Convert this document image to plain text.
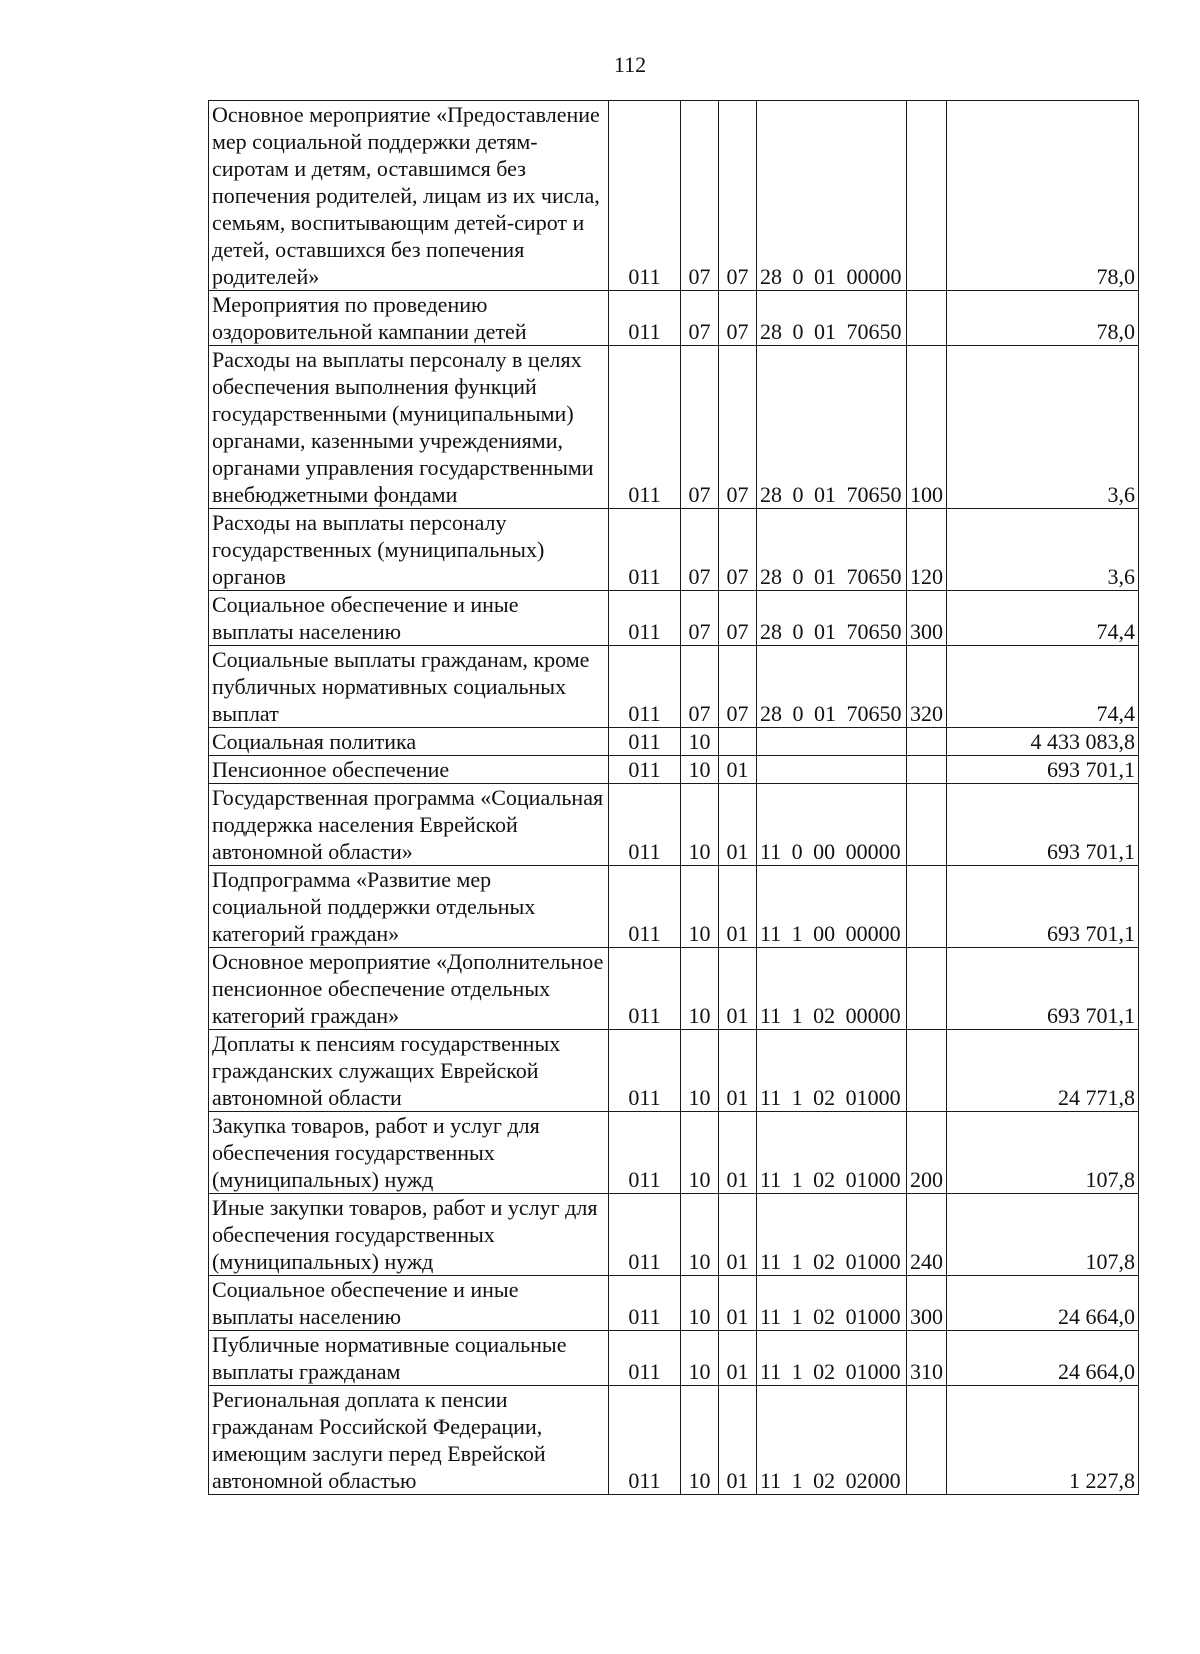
112
Основное мероприятие «Предоставление мер социальной поддержки детям-сиротам и детям, оставшимся без попечения родителей, лицам из их числа, семьям, воспитывающим детей-сирот и детей, оставшихся без попечения родителей»	011	07	07	28 0 01 00000		78,0
Мероприятия по проведению оздоровительной кампании детей	011	07	07	28 0 01 70650		78,0
Расходы на выплаты персоналу в целях обеспечения выполнения функций государственными (муниципальными) органами, казенными учреждениями, органами управления государственными внебюджетными фондами	011	07	07	28 0 01 70650	100	3,6
Расходы на выплаты персоналу государственных (муниципальных) органов	011	07	07	28 0 01 70650	120	3,6
Социальное обеспечение и иные выплаты населению	011	07	07	28 0 01 70650	300	74,4
Социальные выплаты гражданам, кроме публичных нормативных социальных выплат	011	07	07	28 0 01 70650	320	74,4
Социальная политика	011	10				4 433 083,8
Пенсионное обеспечение	011	10	01			693 701,1
Государственная программа «Социальная поддержка населения Еврейской автономной области»	011	10	01	11 0 00 00000		693 701,1
Подпрограмма «Развитие мер социальной поддержки отдельных категорий граждан»	011	10	01	11 1 00 00000		693 701,1
Основное мероприятие «Дополнительное пенсионное обеспечение отдельных категорий граждан»	011	10	01	11 1 02 00000		693 701,1
Доплаты к пенсиям государственных гражданских служащих Еврейской автономной области	011	10	01	11 1 02 01000		24 771,8
Закупка товаров, работ и услуг для обеспечения государственных (муниципальных) нужд	011	10	01	11 1 02 01000	200	107,8
Иные закупки товаров, работ и услуг для обеспечения государственных (муниципальных) нужд	011	10	01	11 1 02 01000	240	107,8
Социальное обеспечение и иные выплаты населению	011	10	01	11 1 02 01000	300	24 664,0
Публичные нормативные социальные выплаты гражданам	011	10	01	11 1 02 01000	310	24 664,0
Региональная доплата к пенсии гражданам Российской Федерации, имеющим заслуги перед Еврейской автономной областью	011	10	01	11 1 02 02000		1 227,8
